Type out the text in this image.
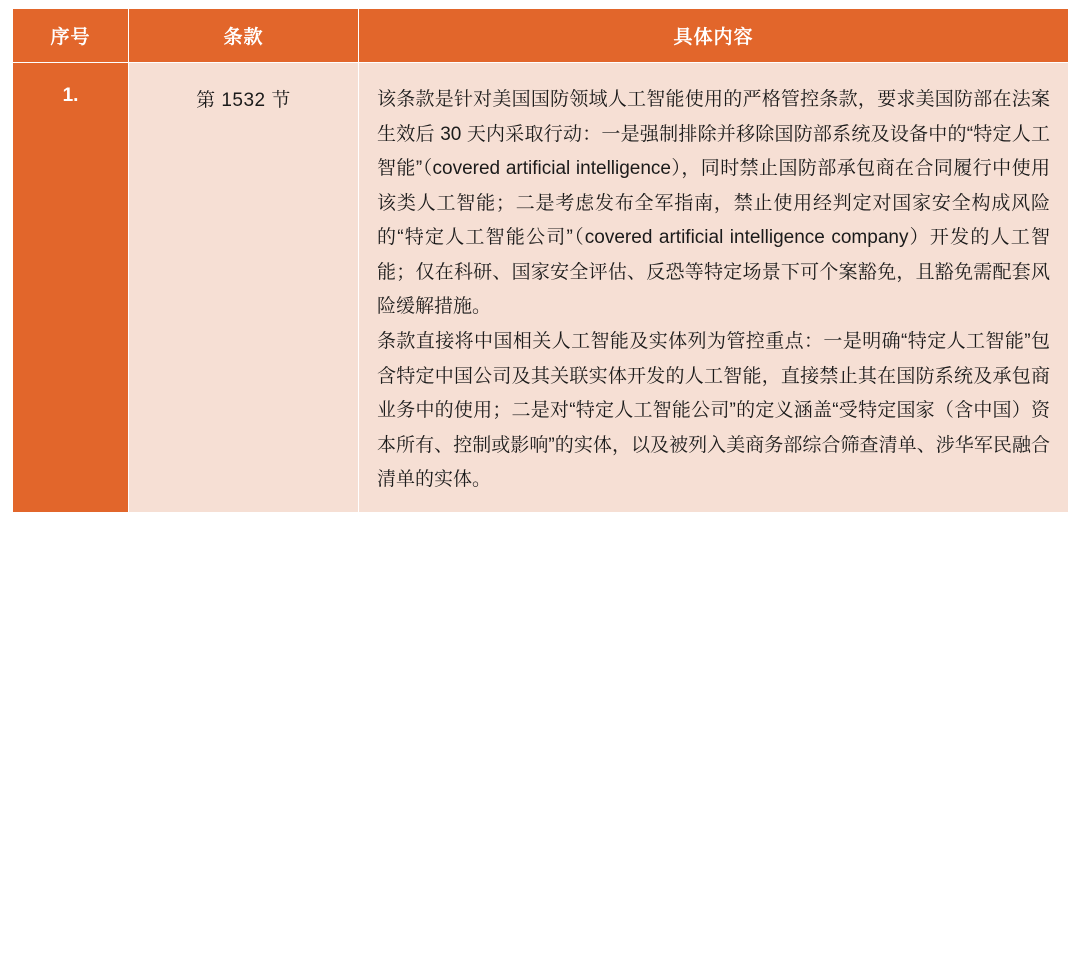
序号	条款	具体内容
1.	第 1532 节	该条款是针对美国国防领域人工智能使用的严格管控条款，要求美国防部在法案生效后 30 天内采取行动：一是强制排除并移除国防部系统及设备中的“特定人工智能”（covered artificial intelligence），同时禁止国防部承包商在合同履行中使用该类人工智能；二是考虑发布全军指南，禁止使用经判定对国家安全构成风险的“特定人工智能公司”（covered artificial intelligence company）开发的人工智能；仅在科研、国家安全评估、反恐等特定场景下可个案豁免，且豁免需配套风险缓解措施。

条款直接将中国相关人工智能及实体列为管控重点：一是明确“特定人工智能”包含特定中国公司及其关联实体开发的人工智能，直接禁止其在国防系统及承包商业务中的使用；二是对“特定人工智能公司”的定义涵盖“受特定国家（含中国）资本所有、控制或影响”的实体，以及被列入美商务部综合筛查清单、涉华军民融合清单的实体。
